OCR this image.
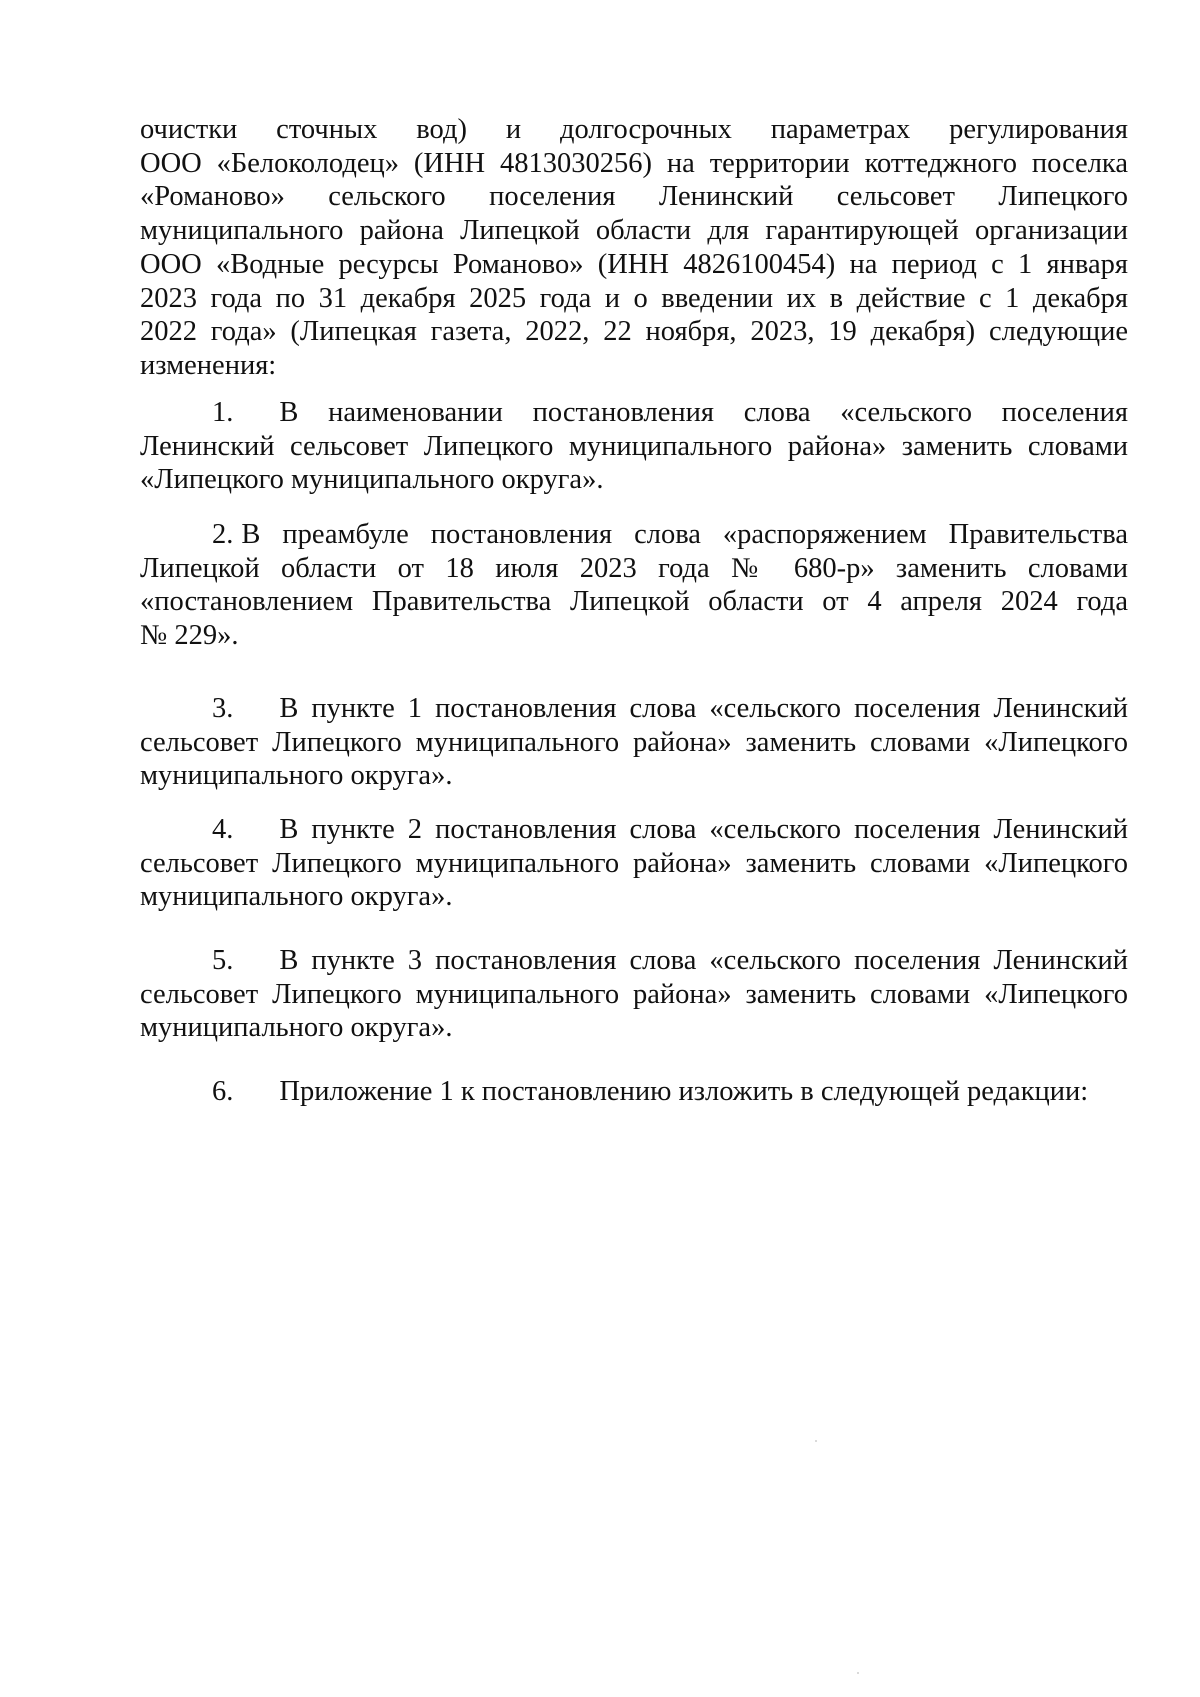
очистки сточных вод) и долгосрочных параметрах регулирования
ООО «Белоколодец» (ИНН 4813030256) на территории коттеджного поселка
«Романово» сельского поселения Ленинский сельсовет Липецкого
муниципального района Липецкой области для гарантирующей организации
ООО «Водные ресурсы Романово» (ИНН 4826100454) на период с 1 января
2023 года по 31 декабря 2025 года и о введении их в действие с 1 декабря
2022 года» (Липецкая газета, 2022, 22 ноября, 2023, 19 декабря) следующие
изменения:
1. В наименовании постановления слова «сельского поселения
Ленинский сельсовет Липецкого муниципального района» заменить словами
«Липецкого муниципального округа».
2. В преамбуле постановления слова «распоряжением Правительства
Липецкой области от 18 июля 2023 года № 680-р» заменить словами
«постановлением Правительства Липецкой области от 4 апреля 2024 года
№ 229».
3. В пункте 1 постановления слова «сельского поселения Ленинский
сельсовет Липецкого муниципального района» заменить словами «Липецкого
муниципального округа».
4. В пункте 2 постановления слова «сельского поселения Ленинский
сельсовет Липецкого муниципального района» заменить словами «Липецкого
муниципального округа».
5. В пункте 3 постановления слова «сельского поселения Ленинский
сельсовет Липецкого муниципального района» заменить словами «Липецкого
муниципального округа».
6. Приложение 1 к постановлению изложить в следующей редакции:
